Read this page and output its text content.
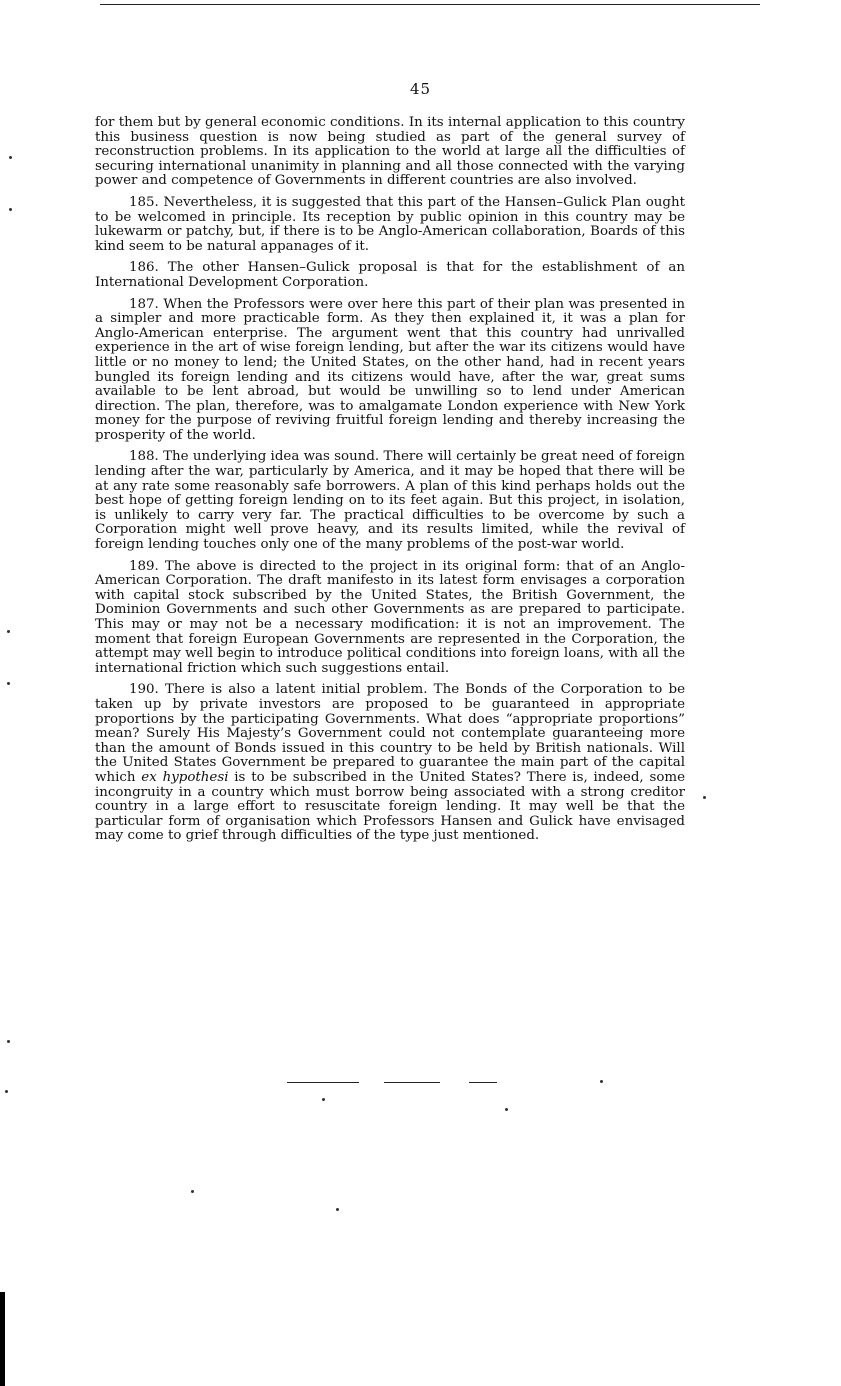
45

for them but by general economic conditions. In its internal application to this country this business question is now being studied as part of the general survey of reconstruction problems. In its application to the world at large all the difficulties of securing international unanimity in planning and all those connected with the varying power and competence of Governments in different countries are also involved.

185. Nevertheless, it is suggested that this part of the Hansen–Gulick Plan ought to be welcomed in principle. Its reception by public opinion in this country may be lukewarm or patchy, but, if there is to be Anglo-American collaboration, Boards of this kind seem to be natural appanages of it.

186. The other Hansen–Gulick proposal is that for the establishment of an International Development Corporation.

187. When the Professors were over here this part of their plan was presented in a simpler and more practicable form. As they then explained it, it was a plan for Anglo-American enterprise. The argument went that this country had unrivalled experience in the art of wise foreign lending, but after the war its citizens would have little or no money to lend; the United States, on the other hand, had in recent years bungled its foreign lending and its citizens would have, after the war, great sums available to be lent abroad, but would be unwilling so to lend under American direction. The plan, therefore, was to amalgamate London experience with New York money for the purpose of reviving fruitful foreign lending and thereby increasing the prosperity of the world.

188. The underlying idea was sound. There will certainly be great need of foreign lending after the war, particularly by America, and it may be hoped that there will be at any rate some reasonably safe borrowers. A plan of this kind perhaps holds out the best hope of getting foreign lending on to its feet again. But this project, in isolation, is unlikely to carry very far. The practical difficulties to be overcome by such a Corporation might well prove heavy, and its results limited, while the revival of foreign lending touches only one of the many problems of the post-war world.

189. The above is directed to the project in its original form: that of an Anglo-American Corporation. The draft manifesto in its latest form envisages a corporation with capital stock subscribed by the United States, the British Government, the Dominion Governments and such other Governments as are prepared to participate. This may or may not be a necessary modification: it is not an improvement. The moment that foreign European Governments are represented in the Corporation, the attempt may well begin to introduce political conditions into foreign loans, with all the international friction which such suggestions entail.

190. There is also a latent initial problem. The Bonds of the Corporation to be taken up by private investors are proposed to be guaranteed in appropriate proportions by the participating Governments. What does “appropriate proportions” mean? Surely His Majesty’s Government could not contemplate guaranteeing more than the amount of Bonds issued in this country to be held by British nationals. Will the United States Government be prepared to guarantee the main part of the capital which ex hypothesi is to be subscribed in the United States? There is, indeed, some incongruity in a country which must borrow being associated with a strong creditor country in a large effort to resuscitate foreign lending. It may well be that the particular form of organisation which Professors Hansen and Gulick have envisaged may come to grief through difficulties of the type just mentioned.
